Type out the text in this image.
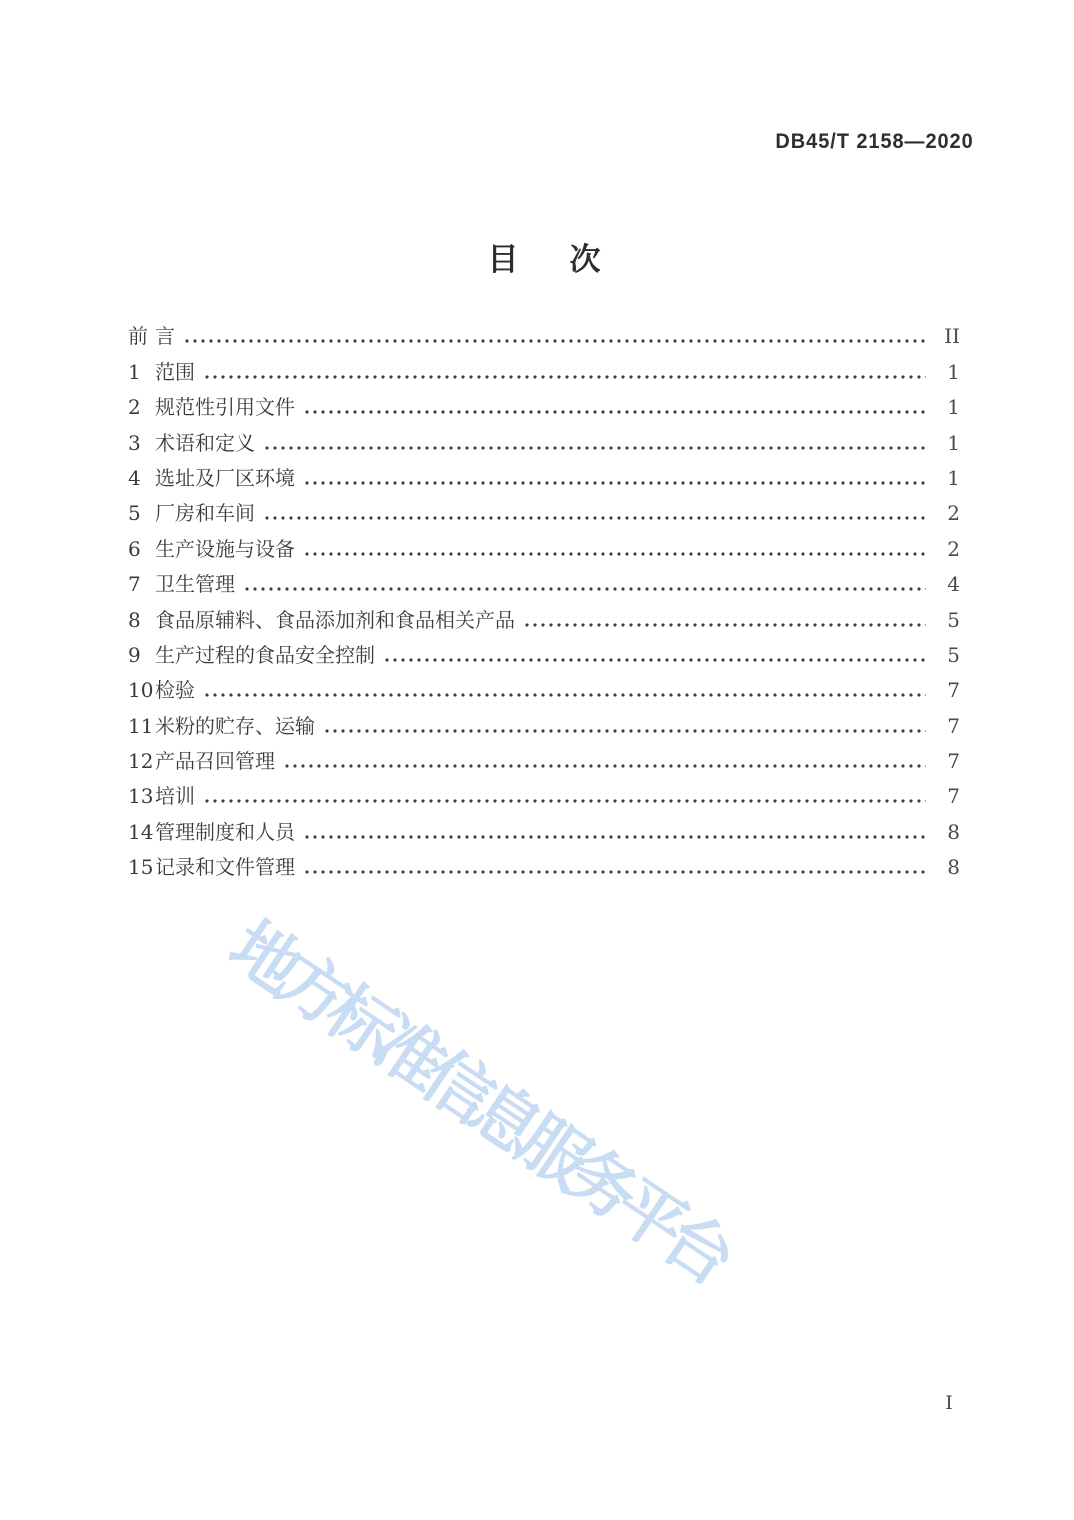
DB45/T 2158—2020
目　次
前 言	II
1 范围	1
2 规范性引用文件	1
3 术语和定义	1
4 选址及厂区环境	1
5 厂房和车间	2
6 生产设施与设备	2
7 卫生管理	4
8 食品原辅料、食品添加剂和食品相关产品	5
9 生产过程的食品安全控制	5
10 检验	7
11 米粉的贮存、运输	7
12 产品召回管理	7
13 培训	7
14 管理制度和人员	8
15 记录和文件管理	8
地方标准信息服务平台
I
